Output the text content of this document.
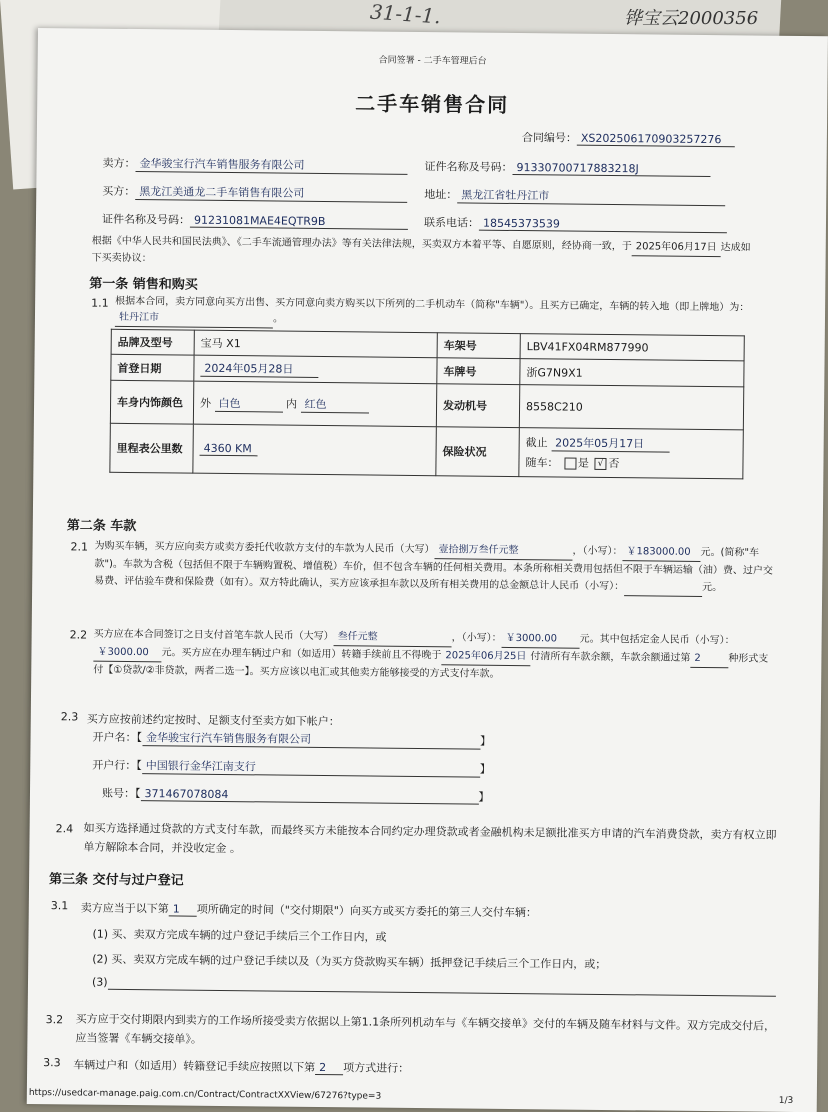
31-1-1.	铧宝云2000356
合同签署 - 二手车管理后台
二手车销售合同
合同编号： XS202506170903257276
卖方： 金华骏宝行汽车销售服务有限公司	证件名称及号码： 91330700717883218J
买方： 黑龙江美通龙二手车销售有限公司	地址： 黑龙江省牡丹江市
证件名称及号码： 91231081MAE4EQTR9B	联系电话： 18545373539
根据《中华人民共和国民法典》、《二手车流通管理办法》等有关法律法规，买卖双方本着平等、自愿原则，经协商一致，于 2025年06月17日 达成如下买卖协议：
第一条 销售和购买
1.1 根据本合同，卖方同意向买方出售、买方同意向卖方购买以下所列的二手机动车（简称"车辆"）。且买方已确定，车辆的转入地（即上牌地）为：牡丹江市	。
品牌及型号	宝马 X1	车架号	LBV41FX04RM877990
首登日期	2024年05月28日	车牌号	浙G7N9X1
车身内饰颜色	外 白色 内 红色	发动机号	8558C210
里程表公里数	4360 KM	保险状况	截止 2025年05月17日
随车： 是 √ 否
第二条 车款
2.1 为购买车辆，买方应向卖方或卖方委托代收款方支付的车款为人民币（大写） 壹拾捌万叁仟元整	，（小写）： ￥183000.00 元。(简称"车款")。车款为含税（包括但不限于车辆购置税、增值税）车价，但不包含车辆的任何相关费用。本条所称相关费用包括但不限于车辆运输（油）费、过户交易费、评估验车费和保险费（如有）。双方特此确认，买方应该承担车款以及所有相关费用的总金额总计人民币（小写）：	元。
2.2 买方应在本合同签订之日支付首笔车款人民币（大写） 叁仟元整	，（小写）： ￥3000.00 元。其中包括定金人民币（小写）：￥3000.00 元。买方应在办理车辆过户和（如适用）转籍手续前且不得晚于 2025年06月25日 付清所有车款余额，车款余额通过第 2	种形式支付【①贷款/②非贷款，两者二选一】。买方应该以电汇或其他卖方能够接受的方式支付车款。
2.3 买方应按前述约定按时、足额支付至卖方如下帐户：
开户名：【 金华骏宝行汽车销售服务有限公司	】
开户行：【 中国银行金华江南支行	】
账号：【 371467078084	】
2.4 如买方选择通过贷款的方式支付车款，而最终买方未能按本合同约定办理贷款或者金融机构未足额批准买方申请的汽车消费贷款，卖方有权立即单方解除本合同，并没收定金 。
第三条 交付与过户登记
3.1 卖方应当于以下第 1 项所确定的时间（"交付期限"）向买方或买方委托的第三人交付车辆：
(1) 买、卖双方完成车辆的过户登记手续后三个工作日内，或
(2) 买、卖双方完成车辆的过户登记手续以及（为买方贷款购买车辆）抵押登记手续后三个工作日内，或；
(3)
3.2 买方应于交付期限内到卖方的工作场所接受卖方依据以上第1.1条所列机动车与《车辆交接单》交付的车辆及随车材料与文件。双方完成交付后，应当签署《车辆交接单》。
3.3 车辆过户和（如适用）转籍登记手续应按照以下第 2 项方式进行：
https://usedcar-manage.paig.com.cn/Contract/ContractXXView/67276?type=3	1/3
